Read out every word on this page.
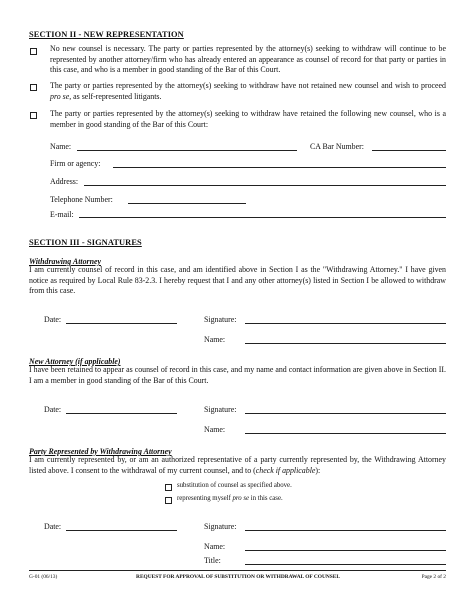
SECTION II - NEW REPRESENTATION
No new counsel is necessary. The party or parties represented by the attorney(s) seeking to withdraw will continue to be represented by another attorney/firm who has already entered an appearance as counsel of record for that party or parties in this case, and who is a member in good standing of the Bar of this Court.
The party or parties represented by the attorney(s) seeking to withdraw have not retained new counsel and wish to proceed pro se, as self-represented litigants.
The party or parties represented by the attorney(s) seeking to withdraw have retained the following new counsel, who is a member in good standing of the Bar of this Court:
Name:	CA Bar Number:
Firm or agency:
Address:
Telephone Number:
E-mail:
SECTION III - SIGNATURES
Withdrawing Attorney
I am currently counsel of record in this case, and am identified above in Section I as the "Withdrawing Attorney." I have given notice as required by Local Rule 83-2.3. I hereby request that I and any other attorney(s) listed in Section I be allowed to withdraw from this case.
Date:	Signature:
Name:
New Attorney (if applicable)
I have been retained to appear as counsel of record in this case, and my name and contact information are given above in Section II. I am a member in good standing of the Bar of this Court.
Date:	Signature:
Name:
Party Represented by Withdrawing Attorney
I am currently represented by, or am an authorized representative of a party currently represented by, the Withdrawing Attorney listed above. I consent to the withdrawal of my current counsel, and to (check if applicable):
substitution of counsel as specified above.
representing myself pro se in this case.
Date:	Signature:
Name:
Title:
G-01 (06/13)	REQUEST FOR APPROVAL OF SUBSTITUTION OR WITHDRAWAL OF COUNSEL	Page 2 of 2
